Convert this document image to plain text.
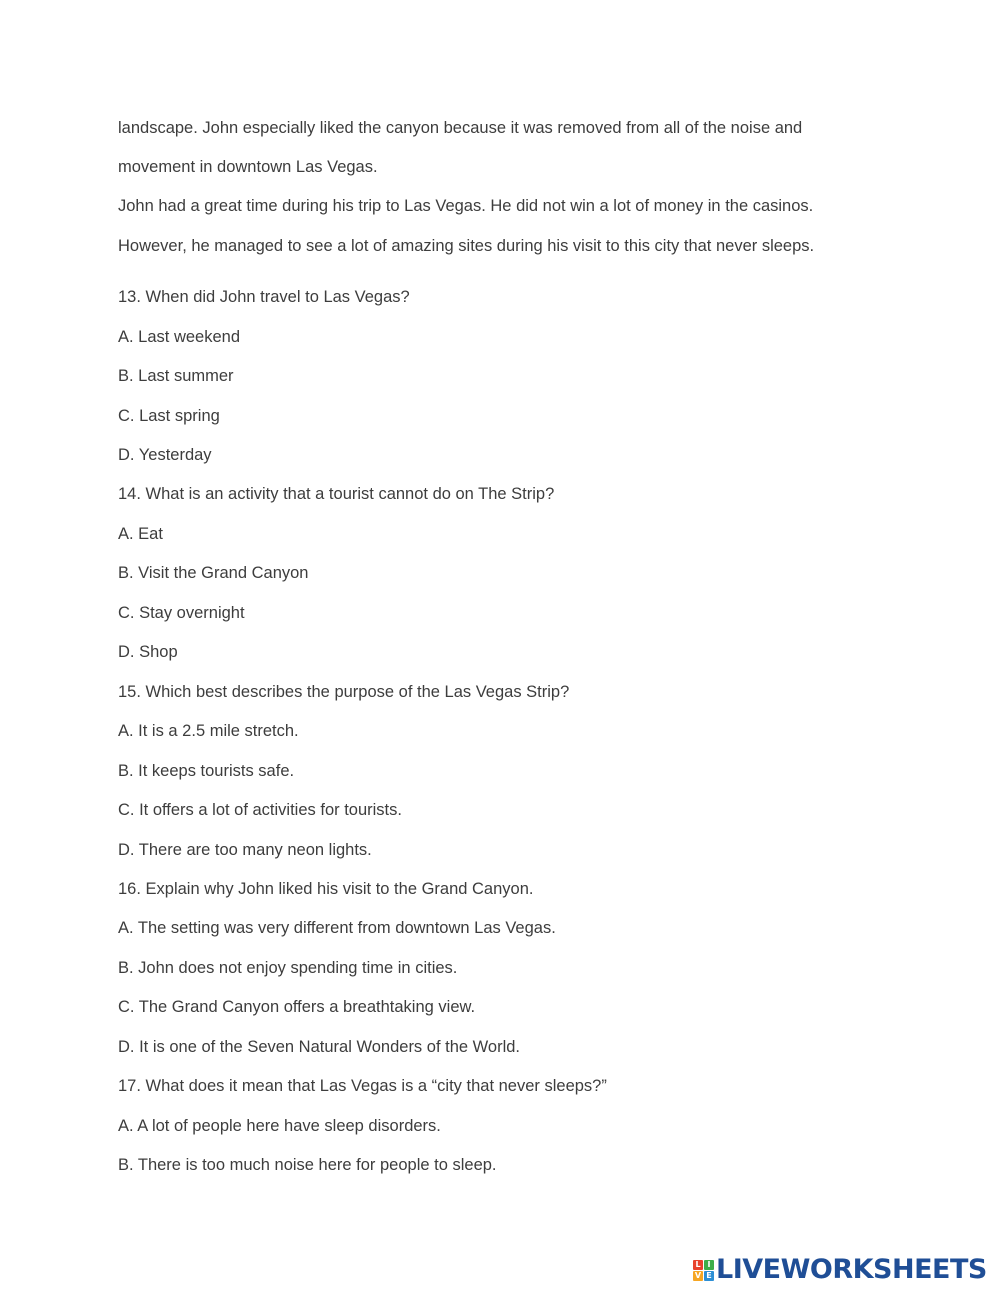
landscape. John especially liked the canyon because it was removed from all of the noise and
movement in downtown Las Vegas.
John had a great time during his trip to Las Vegas. He did not win a lot of money in the casinos.
However, he managed to see a lot of amazing sites during his visit to this city that never sleeps.
13. When did John travel to Las Vegas?
A. Last weekend
B. Last summer
C. Last spring
D. Yesterday
14. What is an activity that a tourist cannot do on The Strip?
A. Eat
B. Visit the Grand Canyon
C. Stay overnight
D. Shop
15. Which best describes the purpose of the Las Vegas Strip?
A. It is a 2.5 mile stretch.
B. It keeps tourists safe.
C. It offers a lot of activities for tourists.
D. There are too many neon lights.
16. Explain why John liked his visit to the Grand Canyon.
A. The setting was very different from downtown Las Vegas.
B. John does not enjoy spending time in cities.
C. The Grand Canyon offers a breathtaking view.
D. It is one of the Seven Natural Wonders of the World.
17. What does it mean that Las Vegas is a “city that never sleeps?”
A. A lot of people here have sleep disorders.
B. There is too much noise here for people to sleep.
L I
V E LIVEWORKSHEETS
